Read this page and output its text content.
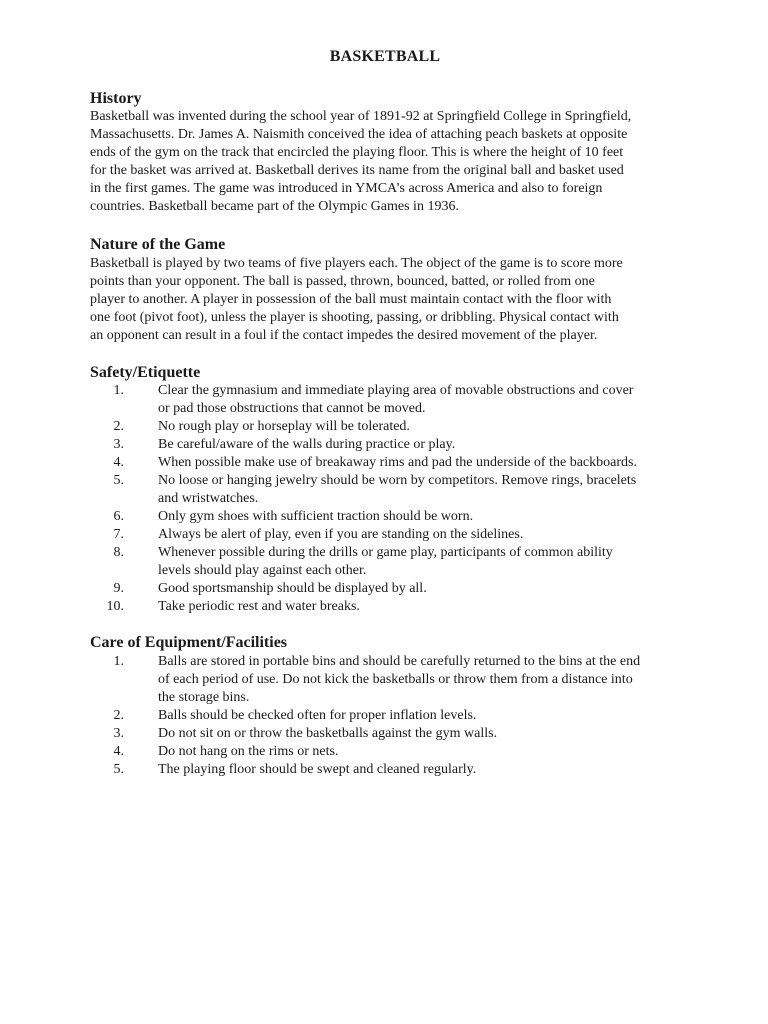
BASKETBALL
History
Basketball was invented during the school year of 1891-92 at Springfield College in Springfield,
Massachusetts. Dr. James A. Naismith conceived the idea of attaching peach baskets at opposite
ends of the gym on the track that encircled the playing floor. This is where the height of 10 feet
for the basket was arrived at. Basketball derives its name from the original ball and basket used
in the first games. The game was introduced in YMCA’s across America and also to foreign
countries. Basketball became part of the Olympic Games in 1936.
Nature of the Game
Basketball is played by two teams of five players each. The object of the game is to score more
points than your opponent. The ball is passed, thrown, bounced, batted, or rolled from one
player to another. A player in possession of the ball must maintain contact with the floor with
one foot (pivot foot), unless the player is shooting, passing, or dribbling. Physical contact with
an opponent can result in a foul if the contact impedes the desired movement of the player.
Safety/Etiquette
1. Clear the gymnasium and immediate playing area of movable obstructions and cover
or pad those obstructions that cannot be moved.
2. No rough play or horseplay will be tolerated.
3. Be careful/aware of the walls during practice or play.
4. When possible make use of breakaway rims and pad the underside of the backboards.
5. No loose or hanging jewelry should be worn by competitors. Remove rings, bracelets
and wristwatches.
6. Only gym shoes with sufficient traction should be worn.
7. Always be alert of play, even if you are standing on the sidelines.
8. Whenever possible during the drills or game play, participants of common ability
levels should play against each other.
9. Good sportsmanship should be displayed by all.
10. Take periodic rest and water breaks.
Care of Equipment/Facilities
1. Balls are stored in portable bins and should be carefully returned to the bins at the end
of each period of use. Do not kick the basketballs or throw them from a distance into
the storage bins.
2. Balls should be checked often for proper inflation levels.
3. Do not sit on or throw the basketballs against the gym walls.
4. Do not hang on the rims or nets.
5. The playing floor should be swept and cleaned regularly.
